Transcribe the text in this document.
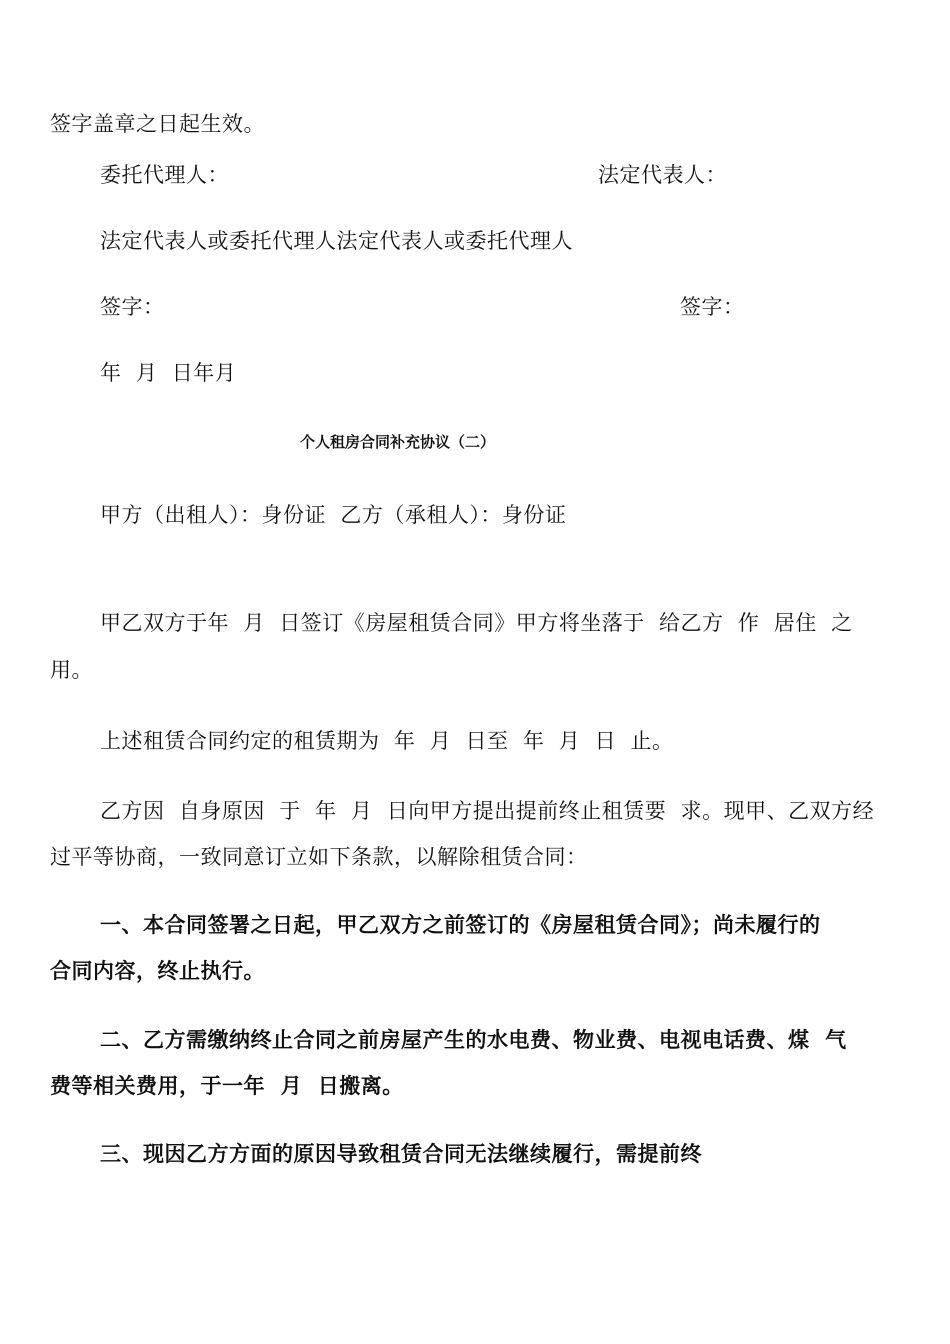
签字盖章之日起生效。
委托代理人：	法定代表人：
法定代表人或委托代理人法定代表人或委托代理人
签字：	签字：
年  月  日年月
个人租房合同补充协议（二）
甲方（出租人）：身份证  乙方（承租人）：身份证
甲乙双方于年  月  日签订《房屋租赁合同》甲方将坐落于  给乙方  作  居住  之
用。
上述租赁合同约定的租赁期为  年  月  日至  年  月  日  止。
乙方因  自身原因  于  年  月  日向甲方提出提前终止租赁要  求。现甲、乙双方经
过平等协商，一致同意订立如下条款，以解除租赁合同：
一、本合同签署之日起，甲乙双方之前签订的《房屋租赁合同》；尚未履行的
合同内容，终止执行。
二、乙方需缴纳终止合同之前房屋产生的水电费、物业费、电视电话费、煤  气
费等相关费用，于一年  月  日搬离。
三、现因乙方方面的原因导致租赁合同无法继续履行，需提前终
